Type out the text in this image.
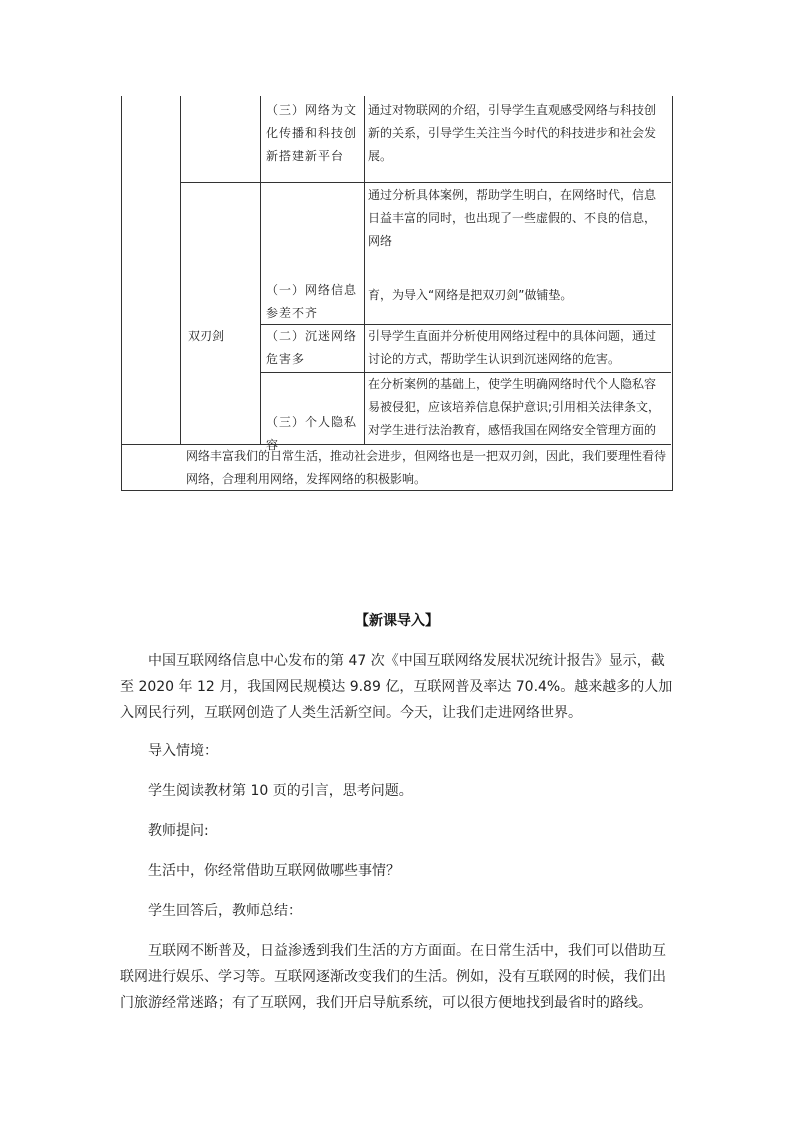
（三）网络为文化传播和科技创新搭建新平台
通过对物联网的介绍，引导学生直观感受网络与科技创新的关系，引导学生关注当今时代的科技进步和社会发展。
双刃剑
（一）网络信息参差不齐
通过分析具体案例，帮助学生明白，在网络时代，信息日益丰富的同时，也出现了一些虚假的、不良的信息，网络
育，为导入“网络是把双刃剑”做铺垫。
（二）沉迷网络危害多
引导学生直面并分析使用网络过程中的具体问题，通过讨论的方式，帮助学生认识到沉迷网络的危害。
（三）个人隐私容
在分析案例的基础上，使学生明确网络时代个人隐私容易被侵犯，应该培养信息保护意识;引用相关法律条文，对学生进行法治教育，感悟我国在网络安全管理方面的
网络丰富我们的日常生活，推动社会进步，但网络也是一把双刃剑，因此，我们要理性看待网络，合理利用网络，发挥网络的积极影响。
【新课导入】
中国互联网络信息中心发布的第 47 次《中国互联网络发展状况统计报告》显示，截至 2020 年 12 月，我国网民规模达 9.89 亿，互联网普及率达 70.4%。越来越多的人加入网民行列，互联网创造了人类生活新空间。今天，让我们走进网络世界。
导入情境：
学生阅读教材第 10 页的引言，思考问题。
教师提问:
生活中，你经常借助互联网做哪些事情？
学生回答后，教师总结：
互联网不断普及，日益渗透到我们生活的方方面面。在日常生活中，我们可以借助互联网进行娱乐、学习等。互联网逐渐改变我们的生活。例如，没有互联网的时候，我们出门旅游经常迷路；有了互联网，我们开启导航系统，可以很方便地找到最省时的路线。
